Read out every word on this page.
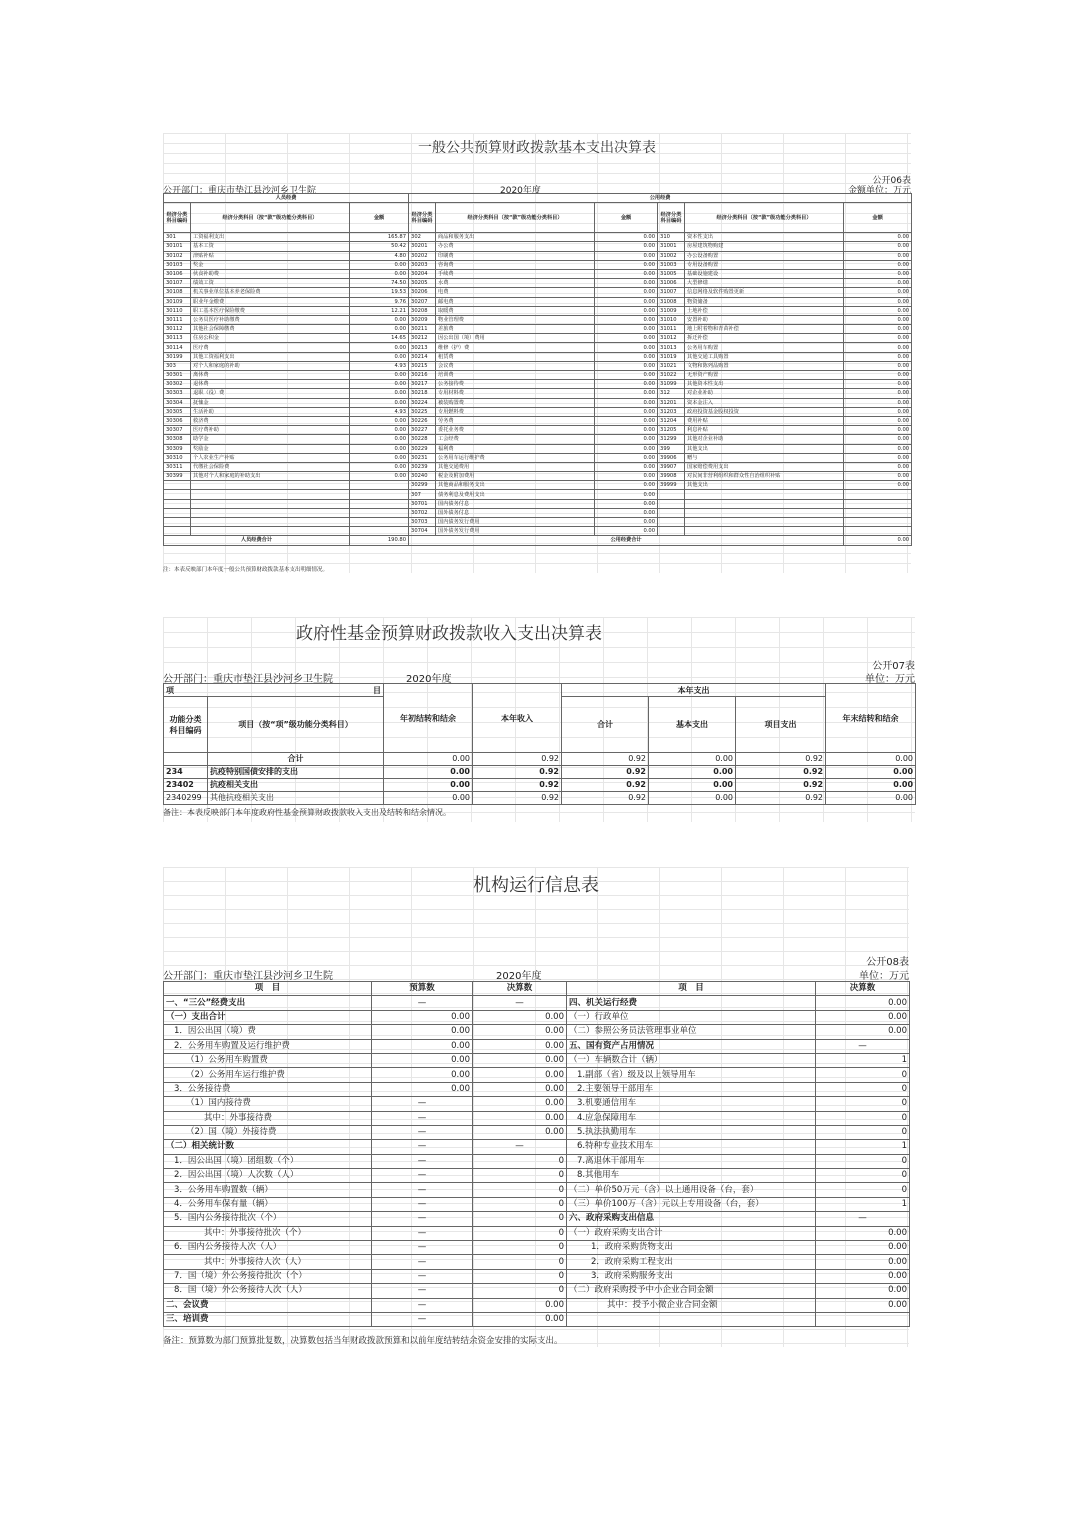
一般公共预算财政拨款基本支出决算表
公开06表
公开部门：重庆市垫江县沙河乡卫生院	2020年度	金额单位：万元
人员经费			公用经费					
经济分类科目编码	经济分类科目（按“款”级功能分类科目）	金额	经济分类科目编码	经济分类科目（按“款”级功能分类科目）	金额	经济分类科目编码	经济分类科目（按“款”级功能分类科目）	金额
301	工资福利支出	165.87	302	商品和服务支出	0.00	310	资本性支出	0.00
30101	基本工资	50.42	30201	办公费	0.00	31001	房屋建筑物购建	0.00
30102	津贴补贴	4.80	30202	印刷费	0.00	31002	办公设备购置	0.00
30103	奖金	0.00	30203	咨询费	0.00	31003	专用设备购置	0.00
30106	伙食补助费	0.00	30204	手续费	0.00	31005	基础设施建设	0.00
30107	绩效工资	74.50	30205	水费	0.00	31006	大型修缮	0.00
30108	机关事业单位基本养老保险费	19.53	30206	电费	0.00	31007	信息网络及软件购置更新	0.00
30109	职业年金缴费	9.76	30207	邮电费	0.00	31008	物资储备	0.00
30110	职工基本医疗保险缴费	12.21	30208	取暖费	0.00	31009	土地补偿	0.00
30111	公务员医疗补助缴费	0.00	30209	物业管理费	0.00	31010	安置补助	0.00
30112	其他社会保障缴费	0.00	30211	差旅费	0.00	31011	地上附着物和青苗补偿	0.00
30113	住房公积金	14.65	30212	因公出国（境）费用	0.00	31012	拆迁补偿	0.00
30114	医疗费	0.00	30213	维修（护）费	0.00	31013	公务用车购置	0.00
30199	其他工资福利支出	0.00	30214	租赁费	0.00	31019	其他交通工具购置	0.00
303	对个人和家庭的补助	4.93	30215	会议费	0.00	31021	文物和陈列品购置	0.00
30301	离休费	0.00	30216	培训费	0.00	31022	无形资产购置	0.00
30302	退休费	0.00	30217	公务接待费	0.00	31099	其他资本性支出	0.00
30303	退职（役）费	0.00	30218	专用材料费	0.00	312	对企业补助	0.00
30304	抚恤金	0.00	30224	被装购置费	0.00	31201	资本金注入	0.00
30305	生活补助	4.93	30225	专用燃料费	0.00	31203	政府投资基金股权投资	0.00
30306	救济费	0.00	30226	劳务费	0.00	31204	费用补贴	0.00
30307	医疗费补助	0.00	30227	委托业务费	0.00	31205	利息补贴	0.00
30308	助学金	0.00	30228	工会经费	0.00	31299	其他对企业补助	0.00
30309	奖励金	0.00	30229	福利费	0.00	399	其他支出	0.00
30310	个人农业生产补贴	0.00	30231	公务用车运行维护费	0.00	39906	赠与	0.00
30311	代缴社会保险费	0.00	30239	其他交通费用	0.00	39907	国家赔偿费用支出	0.00
30399	其他对个人和家庭的补助支出	0.00	30240	税金及附加费用	0.00	39908	对民间非营利组织和群众性自治组织补贴	0.00
			30299	其他商品和服务支出	0.00	39999	其他支出	0.00
			307	债务利息及费用支出	0.00			
			30701	国内债务付息	0.00			
			30702	国外债务付息	0.00			
			30703	国内债务发行费用	0.00			
			30704	国外债务发行费用	0.00			
人员经费合计		190.80	公用经费合计					0.00
注：本表反映部门本年度一般公共预算财政拨款基本支出明细情况。
政府性基金预算财政拨款收入支出决算表
公开07表
公开部门：重庆市垫江县沙河乡卫生院	2020年度	单位：万元
项 目		年初结转和结余	本年收入	本年支出			年末结转和结余
功能分类科目编码	项目（按“项”级功能分类科目）			合计	基本支出	项目支出	
	合计	0.00	0.92	0.92	0.00	0.92	0.00
234	抗疫特别国债安排的支出	0.00	0.92	0.92	0.00	0.92	0.00
23402	抗疫相关支出	0.00	0.92	0.92	0.00	0.92	0.00
2340299	其他抗疫相关支出	0.00	0.92	0.92	0.00	0.92	0.00
备注：本表反映部门本年度政府性基金预算财政拨款收入支出及结转和结余情况。
机构运行信息表
公开08表
公开部门：重庆市垫江县沙河乡卫生院	2020年度	单位：万元
项　目	预算数	决算数	项　目	决算数
一、“三公”经费支出	—	—	四、机关运行经费	0.00
（一）支出合计	0.00	0.00	（一）行政单位	0.00
1．因公出国（境）费	0.00	0.00	（二）参照公务员法管理事业单位	0.00
2．公务用车购置及运行维护费	0.00	0.00	五、国有资产占用情况	—
（1）公务用车购置费	0.00	0.00	（一）车辆数合计（辆）	1
（2）公务用车运行维护费	0.00	0.00	1.副部（省）级及以上领导用车	0
3．公务接待费	0.00	0.00	2.主要领导干部用车	0
（1）国内接待费	—	0.00	3.机要通信用车	0
其中：外事接待费	—	0.00	4.应急保障用车	0
（2）国（境）外接待费	—	0.00	5.执法执勤用车	0
（二）相关统计数	—	—	6.特种专业技术用车	1
1．因公出国（境）团组数（个）	—	0	7.离退休干部用车	0
2．因公出国（境）人次数（人）	—	0	8.其他用车	0
3．公务用车购置数（辆）	—	0	（二）单价50万元（含）以上通用设备（台，套）	0
4．公务用车保有量（辆）	—	0	（三）单价100万（含）元以上专用设备（台，套）	1
5．国内公务接待批次（个）	—	0	六、政府采购支出信息	—
其中：外事接待批次（个）	—	0	（一）政府采购支出合计	0.00
6．国内公务接待人次（人）	—	0	1．政府采购货物支出	0.00
其中：外事接待人次（人）	—	0	2．政府采购工程支出	0.00
7．国（境）外公务接待批次（个）	—	0	3．政府采购服务支出	0.00
8．国（境）外公务接待人次（人）	—	0	（二）政府采购授予中小企业合同金额	0.00
二、会议费	—	0.00	其中：授予小微企业合同金额	0.00
三、培训费	—	0.00		
备注：预算数为部门预算批复数，决算数包括当年财政拨款预算和以前年度结转结余资金安排的实际支出。
